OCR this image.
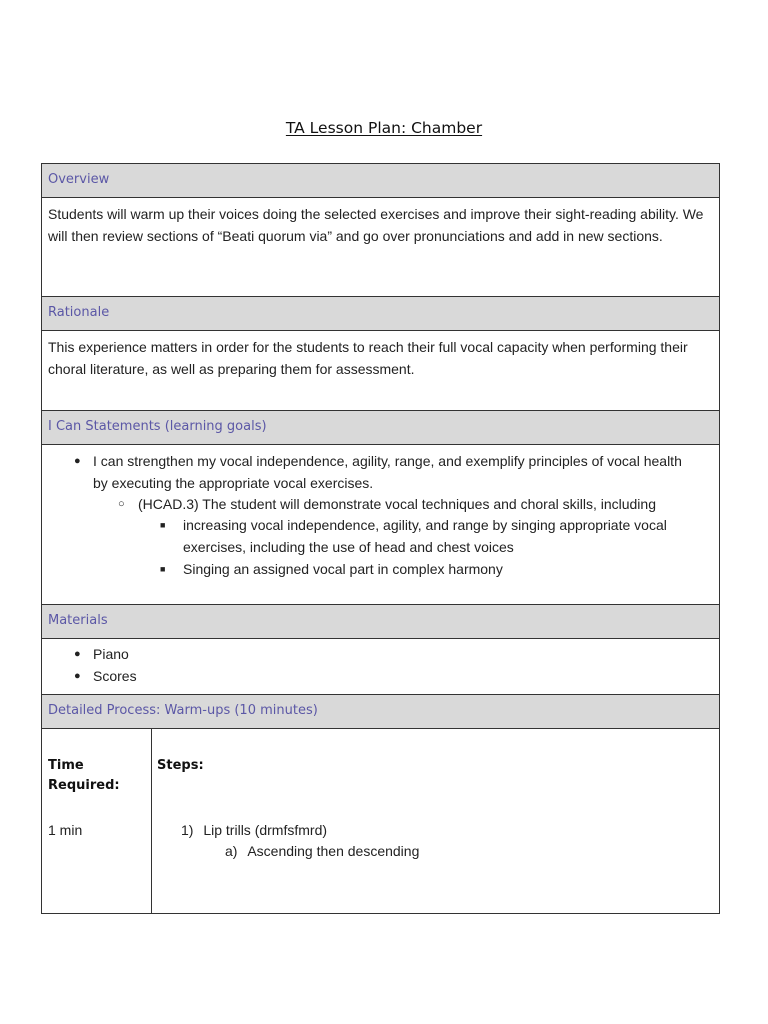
TA Lesson Plan: Chamber
Overview
Students will warm up their voices doing the selected exercises and improve their sight-reading ability. We will then review sections of “Beati quorum via” and go over pronunciations and add in new sections.
Rationale
This experience matters in order for the students to reach their full vocal capacity when performing their choral literature, as well as preparing them for assessment.
I Can Statements (learning goals)
● I can strengthen my vocal independence, agility, range, and exemplify principles of vocal health by executing the appropriate vocal exercises.
○ (HCAD.3) The student will demonstrate vocal techniques and choral skills, including
■ increasing vocal independence, agility, and range by singing appropriate vocal exercises, including the use of head and chest voices
■ Singing an assigned vocal part in complex harmony
Materials
● Piano
● Scores
Detailed Process: Warm-ups (10 minutes)
Time Required:
Steps:
1 min	1) Lip trills (drmfsfmrd)
a) Ascending then descending
